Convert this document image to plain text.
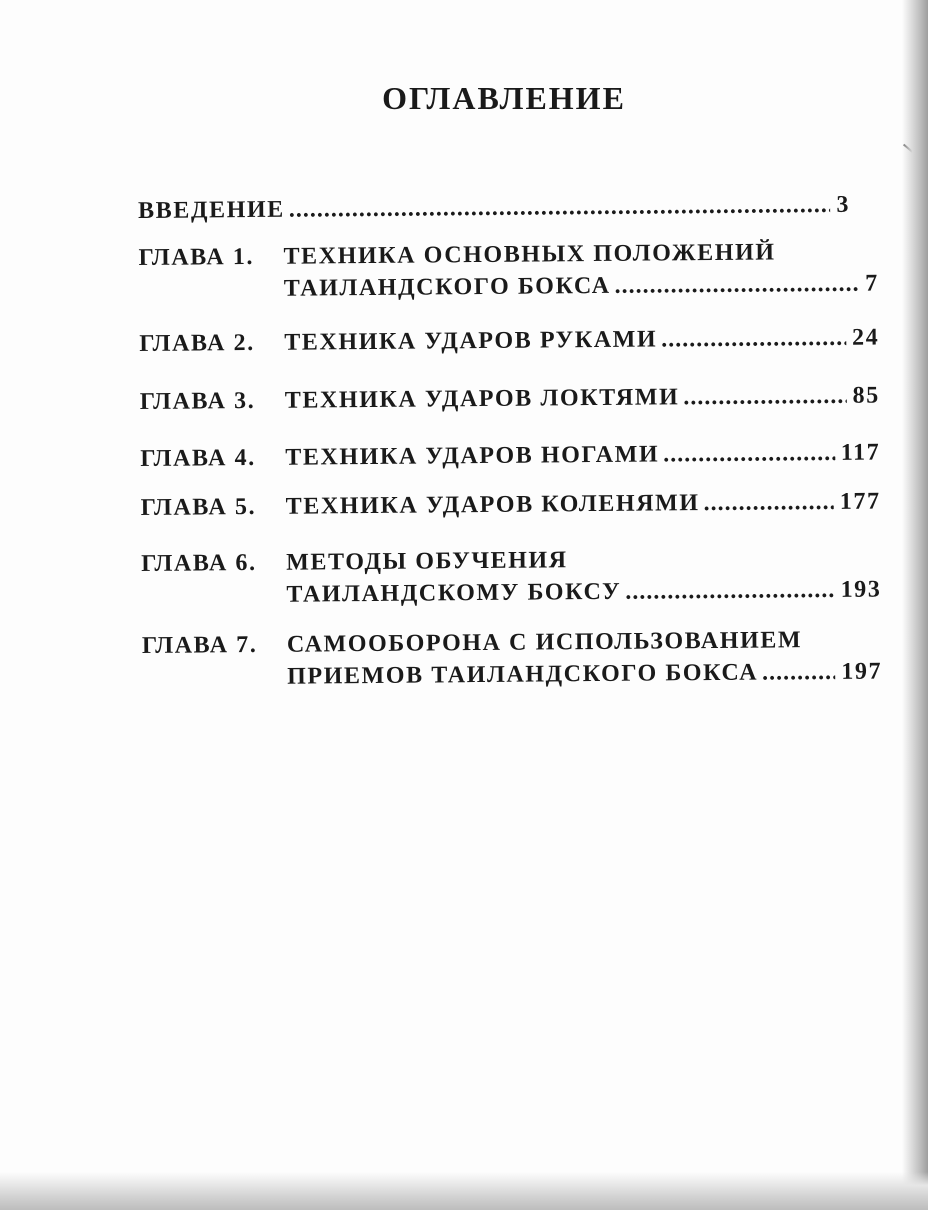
ОГЛАВЛЕНИЕ
ВВЕДЕНИЕ .....	3
ГЛАВА 1.	ТЕХНИКА ОСНОВНЫХ ПОЛОЖЕНИЙ
ТАИЛАНДСКОГО БОКСА .....	7
ГЛАВА 2.	ТЕХНИКА УДАРОВ РУКАМИ .....	24
ГЛАВА 3.	ТЕХНИКА УДАРОВ ЛОКТЯМИ .....	85
ГЛАВА 4.	ТЕХНИКА УДАРОВ НОГАМИ .....	117
ГЛАВА 5.	ТЕХНИКА УДАРОВ КОЛЕНЯМИ .....	177
ГЛАВА 6.	МЕТОДЫ ОБУЧЕНИЯ
ТАИЛАНДСКОМУ БОКСУ .....	193
ГЛАВА 7.	САМООБОРОНА С ИСПОЛЬЗОВАНИЕМ
ПРИЕМОВ ТАИЛАНДСКОГО БОКСА .....	197
